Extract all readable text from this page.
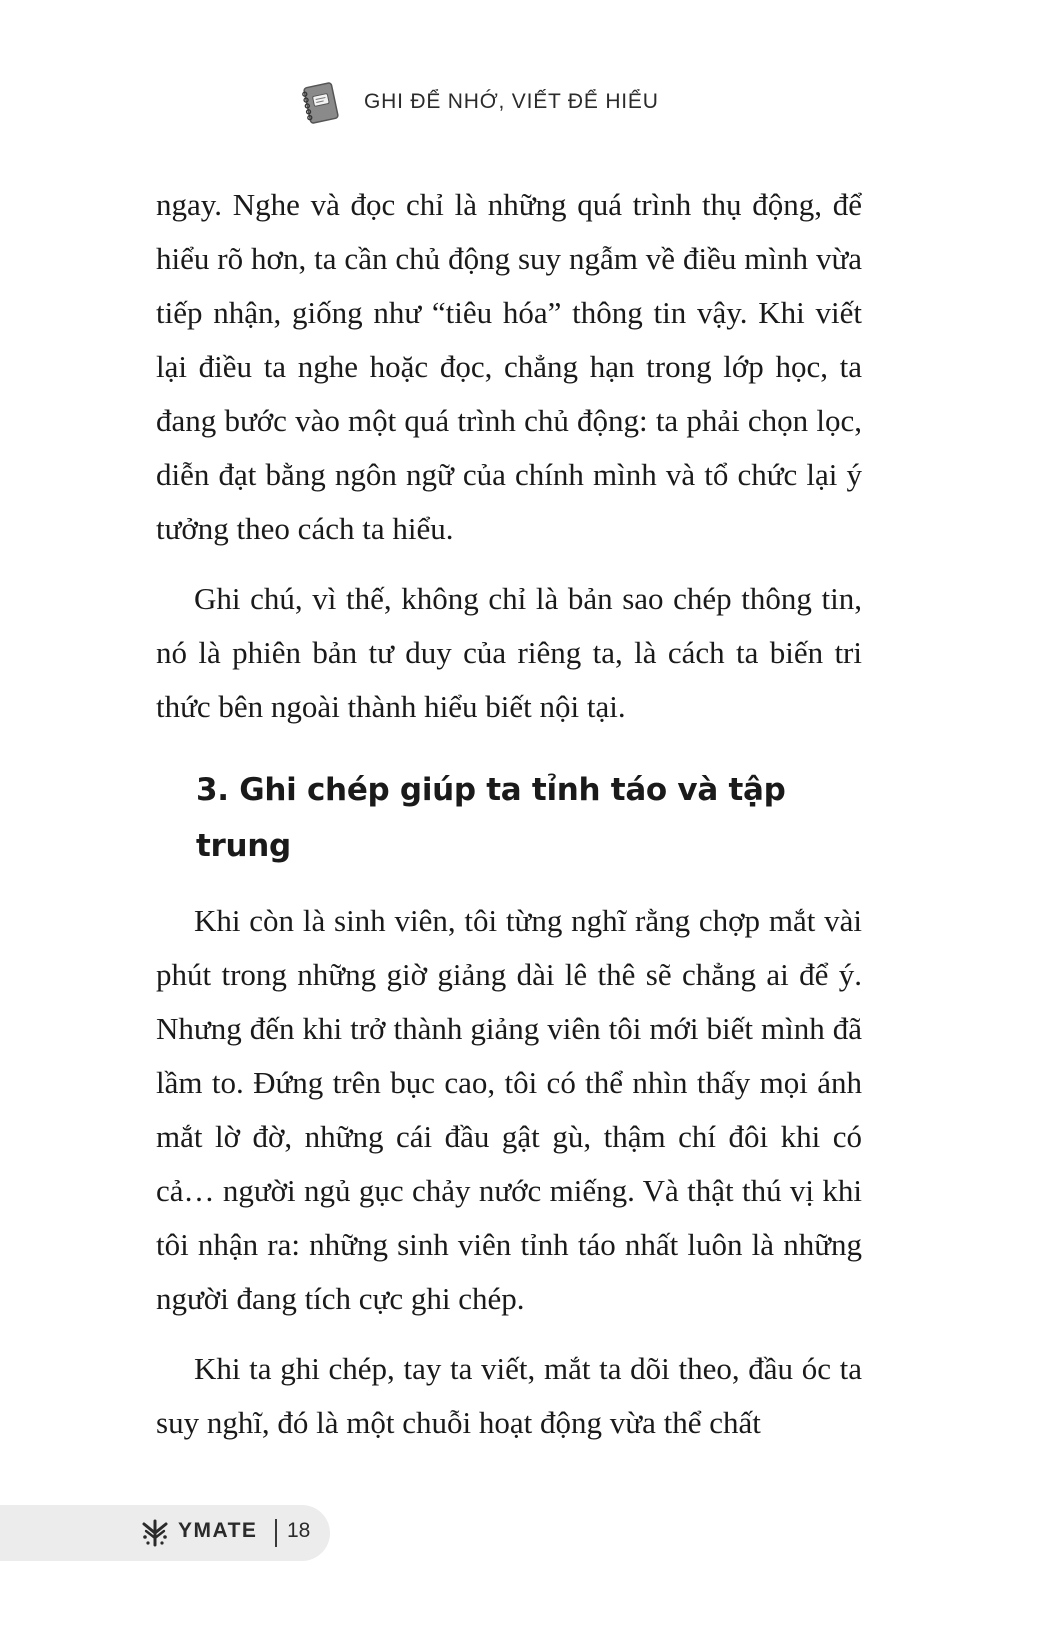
GHI ĐỂ NHỚ, VIẾT ĐỂ HIỂU

ngay. Nghe và đọc chỉ là những quá trình thụ động, để hiểu rõ hơn, ta cần chủ động suy ngẫm về điều mình vừa tiếp nhận, giống như “tiêu hóa” thông tin vậy. Khi viết lại điều ta nghe hoặc đọc, chẳng hạn trong lớp học, ta đang bước vào một quá trình chủ động: ta phải chọn lọc, diễn đạt bằng ngôn ngữ của chính mình và tổ chức lại ý tưởng theo cách ta hiểu.

Ghi chú, vì thế, không chỉ là bản sao chép thông tin, nó là phiên bản tư duy của riêng ta, là cách ta biến tri thức bên ngoài thành hiểu biết nội tại.

3. Ghi chép giúp ta tỉnh táo và tập trung

Khi còn là sinh viên, tôi từng nghĩ rằng chợp mắt vài phút trong những giờ giảng dài lê thê sẽ chẳng ai để ý. Nhưng đến khi trở thành giảng viên tôi mới biết mình đã lầm to. Đứng trên bục cao, tôi có thể nhìn thấy mọi ánh mắt lờ đờ, những cái đầu gật gù, thậm chí đôi khi có cả… người ngủ gục chảy nước miếng. Và thật thú vị khi tôi nhận ra: những sinh viên tỉnh táo nhất luôn là những người đang tích cực ghi chép.

Khi ta ghi chép, tay ta viết, mắt ta dõi theo, đầu óc ta suy nghĩ, đó là một chuỗi hoạt động vừa thể chất

YMATE 18
